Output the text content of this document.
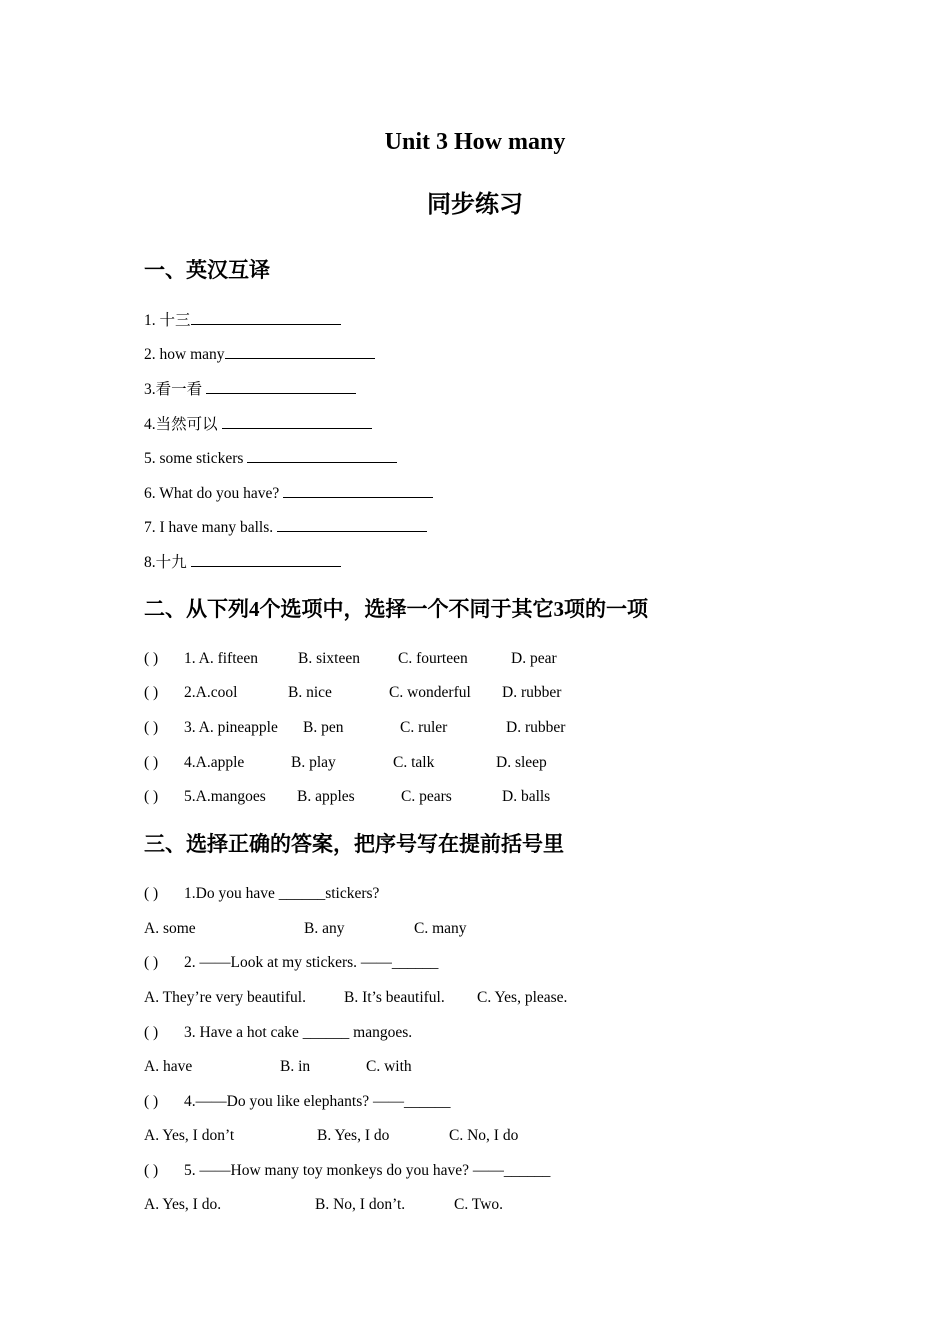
Unit 3 How many
同步练习
一、英汉互译
1. 十三
2. how many
3.看一看
4.当然可以
5. some stickers
6. What do you have?
7. I have many balls.
8.十九
二、从下列4个选项中，选择一个不同于其它3项的一项
( ) 1. A. fifteen	B. sixteen C. fourteen	D. pear
( ) 2.A.cool	B. nice	C. wonderful D. rubber
( ) 3. A. pineapple B. pen	C. ruler	D. rubber
( ) 4.A.apple	B. play	C. talk	D. sleep
( ) 5.A.mangoes B. apples	C. pears	D. balls
三、选择正确的答案，把序号写在提前括号里
( ) 1.Do you have ______stickers?
A. some	B. any	C. many
( ) 2. ——Look at my stickers. ——______
A. They’re very beautiful. B. It’s beautiful. C. Yes, please.
( ) 3. Have a hot cake ______ mangoes.
A. have	B. in	C. with
( ) 4.——Do you like elephants? ——______
A. Yes, I don’t	B. Yes, I do	C. No, I do
( ) 5. ——How many toy monkeys do you have? ——______
A. Yes, I do.	B. No, I don’t.	C. Two.
